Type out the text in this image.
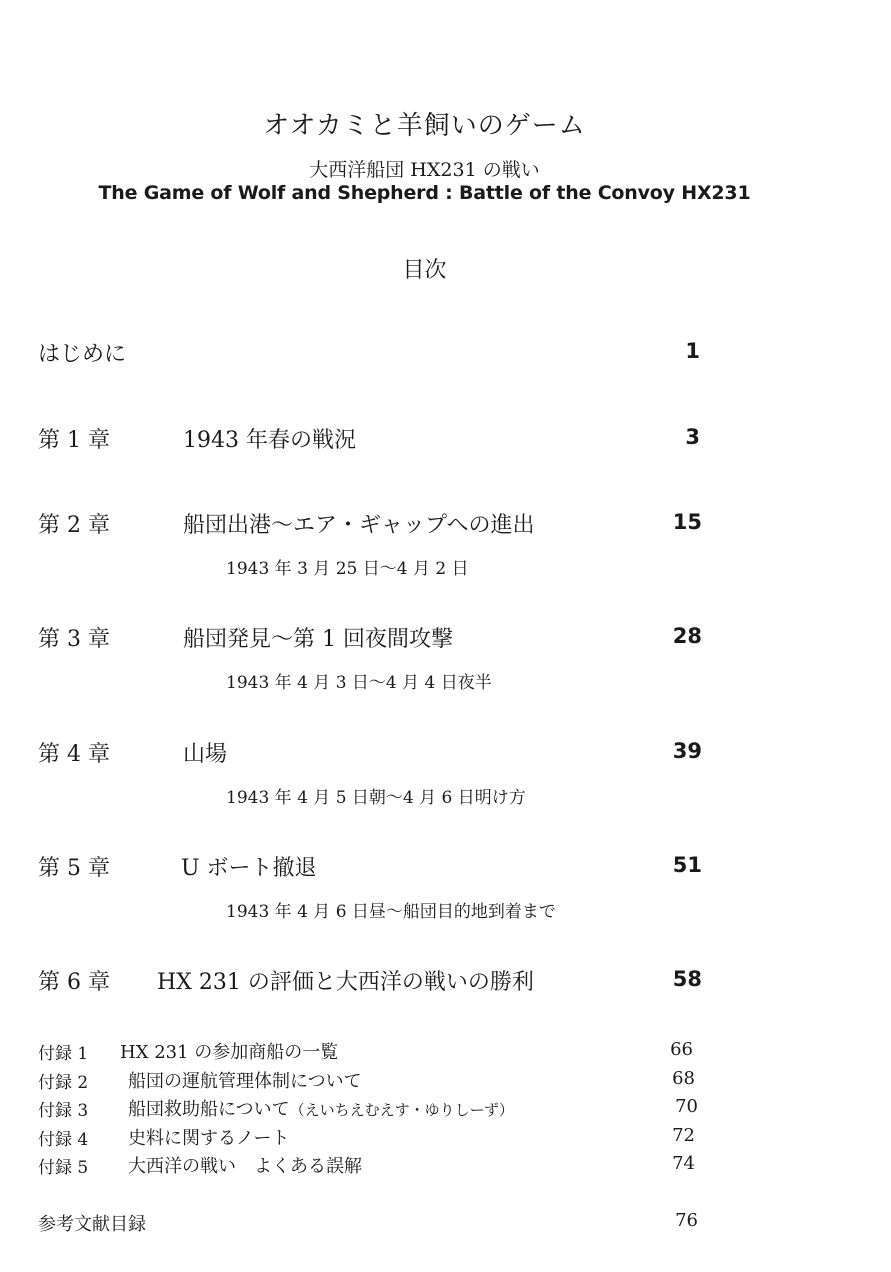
オオカミと羊飼いのゲーム
大西洋船団 HX231 の戦い
The Game of Wolf and Shepherd : Battle of the Convoy HX231
目次
はじめに	1
第 1 章	1943 年春の戦況	3
第 2 章	船団出港〜エア・ギャップへの進出	15
1943 年 3 月 25 日〜4 月 2 日
第 3 章	船団発見〜第 1 回夜間攻撃	28
1943 年 4 月 3 日〜4 月 4 日夜半
第 4 章	山場	39
1943 年 4 月 5 日朝〜4 月 6 日明け方
第 5 章	U ボート撤退	51
1943 年 4 月 6 日昼〜船団目的地到着まで
第 6 章 HX 231 の評価と大西洋の戦いの勝利	58
付録 1 HX 231 の参加商船の一覧	66
付録 2 船団の運航管理体制について	68
付録 3 船団救助船について（えいちえむえす・ゆりしーず）	70
付録 4 史料に関するノート	72
付録 5 大西洋の戦い　よくある誤解	74
参考文献目録	76
